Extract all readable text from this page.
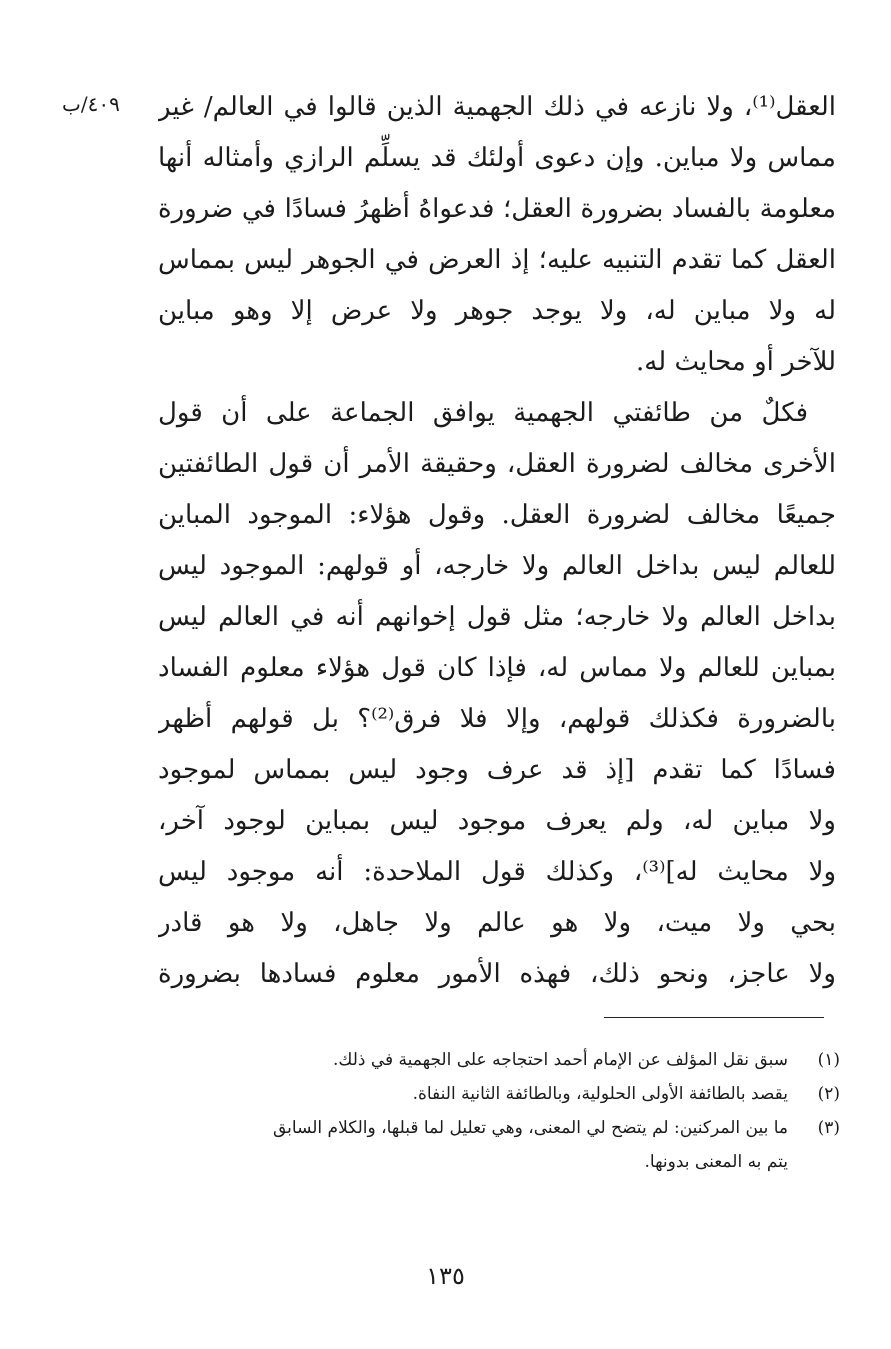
٤٠٩/ب العقل⁽¹⁾، ولا نازعه في ذلك الجهمية الذين قالوا في العالم/ غير
مماس ولا مباين. وإن دعوى أولئك قد يسلِّم الرازي وأمثاله أنها
معلومة بالفساد بضرورة العقل؛ فدعواهُ أظهرُ فسادًا في ضرورة
العقل كما تقدم التنبيه عليه؛ إذ العرض في الجوهر ليس بمماس
له ولا مباين له، ولا يوجد جوهر ولا عرض إلا وهو مباين
للآخر أو محايث له.
فكلٌ من طائفتي الجهمية يوافق الجماعة على أن قول
الأخرى مخالف لضرورة العقل، وحقيقة الأمر أن قول الطائفتين
جميعًا مخالف لضرورة العقل. وقول هؤلاء: الموجود المباين
للعالم ليس بداخل العالم ولا خارجه، أو قولهم: الموجود ليس
بداخل العالم ولا خارجه؛ مثل قول إخوانهم أنه في العالم ليس
بمباين للعالم ولا مماس له، فإذا كان قول هؤلاء معلوم الفساد
بالضرورة فكذلك قولهم، وإلا فلا فرق⁽²⁾؟ بل قولهم أظهر
فسادًا كما تقدم [إذ قد عرف وجود ليس بمماس لموجود
ولا مباين له، ولم يعرف موجود ليس بمباين لوجود آخر،
ولا محايث له]⁽³⁾، وكذلك قول الملاحدة: أنه موجود ليس
بحي ولا ميت، ولا هو عالم ولا جاهل، ولا هو قادر
ولا عاجز، ونحو ذلك، فهذه الأمور معلوم فسادها بضرورة
(١)
سبق نقل المؤلف عن الإمام أحمد احتجاجه على الجهمية في ذلك.
(٢)
يقصد بالطائفة الأولى الحلولية، وبالطائفة الثانية النفاة.
(٣)
ما بين المركنين: لم يتضح لي المعنى، وهي تعليل لما قبلها، والكلام السابق
يتم به المعنى بدونها.
١٣٥
